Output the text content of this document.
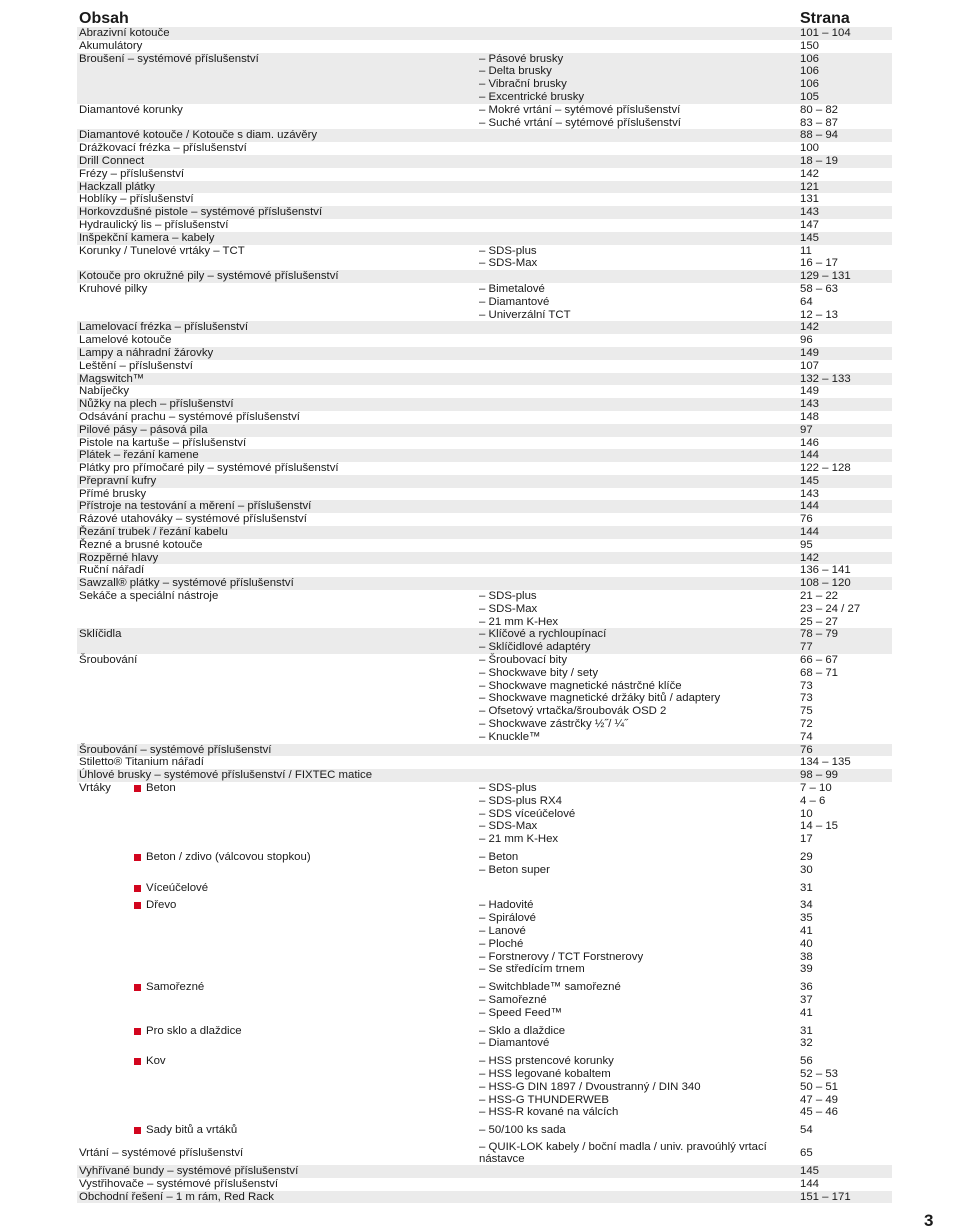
Obsah	Strana
Abrazivní kotouče	101 – 104
Akumulátory	150
Broušení – systémové příslušenství	– Pásové brusky	106
– Delta brusky	106
– Vibrační brusky	106
– Excentrické brusky	105
Diamantové korunky	– Mokré vrtání – sytémové příslušenství	80 – 82
– Suché vrtání – sytémové příslušenství	83 – 87
Diamantové kotouče / Kotouče s diam. uzávěry	88 – 94
Drážkovací frézka – příslušenství	100
Drill Connect	18 – 19
Frézy – příslušenství	142
Hackzall plátky	121
Hoblíky – příslušenství	131
Horkovzdušné pistole – systémové příslušenství	143
Hydraulický lis – příslušenství	147
Inšpekční kamera – kabely	145
Korunky / Tunelové vrtáky – TCT	– SDS-plus	11
– SDS-Max	16 – 17
Kotouče pro okružné pily – systémové příslušenství	129 – 131
Kruhové pilky	– Bimetalové	58 – 63
– Diamantové	64
– Univerzální TCT	12 – 13
Lamelovací frézka – příslušenství	142
Lamelové kotouče	96
Lampy a náhradní žárovky	149
Leštění – příslušenství	107
Magswitch™	132 – 133
Nabíječky	149
Nůžky na plech – příslušenství	143
Odsávání prachu – systémové příslušenství	148
Pilové pásy – pásová pila	97
Pistole na kartuše – příslušenství	146
Plátek – řezání kamene	144
Plátky pro přímočaré pily – systémové příslušenství	122 – 128
Přepravní kufry	145
Přímé brusky	143
Přístroje na testování a měrení – příslušenství	144
Rázové utahováky – systémové příslušenství	76
Řezání trubek / řezání kabelu	144
Řezné a brusné kotouče	95
Rozpěrné hlavy	142
Ruční nářadí	136 – 141
Sawzall® plátky – systémové příslušenství	108 – 120
Sekáče a speciální nástroje	– SDS-plus	21 – 22
– SDS-Max	23 – 24 / 27
– 21 mm K-Hex	25 – 27
Sklíčidla	– Klíčové a rychloupínací	78 – 79
– Sklíčidlové adaptéry	77
Šroubování	– Šroubovací bity	66 – 67
– Shockwave bity / sety	68 – 71
– Shockwave magnetické nástrčné klíče	73
– Shockwave magnetické držáky bitů / adaptery	73
– Ofsetový vrtačka/šroubovák OSD 2	75
– Shockwave zástrčky ½˝/ ¼˝	72
– Knuckle™	74
Šroubování – systémové příslušenství	76
Stiletto® Titanium nářadí	134 – 135
Úhlové brusky – systémové příslušenství / FIXTEC matice	98 – 99
Vrtáky	Beton	– SDS-plus	7 – 10
– SDS-plus RX4	4 – 6
– SDS víceúčelové	10
– SDS-Max	14 – 15
– 21 mm K-Hex	17
Beton / zdivo (válcovou stopkou)	– Beton	29
– Beton super	30
Víceúčelové	31
Dřevo	– Hadovité	34
– Spirálové	35
– Lanové	41
– Ploché	40
– Forstnerovy / TCT Forstnerovy	38
– Se středícím trnem	39
Samořezné	– Switchblade™ samořezné	36
– Samořezné	37
– Speed Feed™	41
Pro sklo a dlaždice	– Sklo a dlaždice	31
– Diamantové	32
Kov	– HSS prstencové korunky	56
– HSS legované kobaltem	52 – 53
– HSS-G DIN 1897 / Dvoustranný / DIN 340	50 – 51
– HSS-G THUNDERWEB	47 – 49
– HSS-R kované na válcích	45 – 46
Sady bitů a vrtáků	– 50/100 ks sada	54
Vrtání – systémové příslušenství	– QUIK-LOK kabely / boční madla / univ. pravoúhlý vrtací nástavce	65
Vyhřívané bundy – systémové příslušenství	145
Vystřihovače – systémové příslušenství	144
Obchodní řešení – 1 m rám, Red Rack	151 – 171
3
